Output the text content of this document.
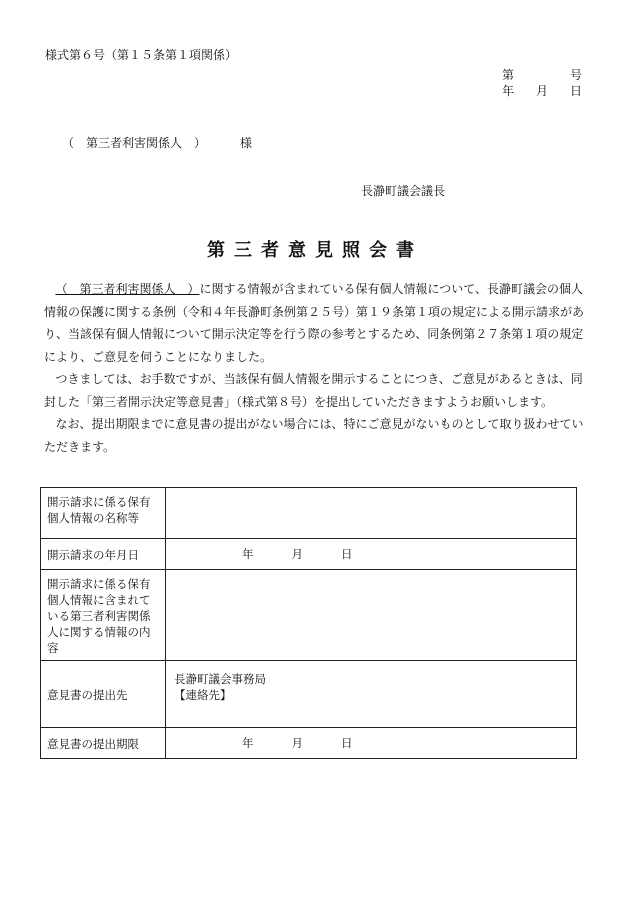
様式第６号（第１５条第１項関係）
第	号
年 月 日
（　第三者利害関係人　）	様
長瀞町議会議長
第三者意見照会書

（　第三者利害関係人　）に関する情報が含まれている保有個人情報について、長瀞町議会の個人情報の保護に関する条例（令和４年長瀞町条例第２５号）第１９条第１項の規定による開示請求があり、当該保有個人情報について開示決定等を行う際の参考とするため、同条例第２７条第１項の規定により、ご意見を伺うことになりました。

つきましては、お手数ですが、当該保有個人情報を開示することにつき、ご意見があるときは、同封した「第三者開示決定等意見書」（様式第８号）を提出していただきますようお願いします。

なお、提出期限までに意見書の提出がない場合には、特にご意見がないものとして取り扱わせていただきます。

開示請求に係る保有個人情報の名称等	
開示請求の年月日	年 月 日
開示請求に係る保有個人情報に含まれている第三者利害関係人に関する情報の内容	
意見書の提出先	長瀞町議会事務局
【連絡先】

意見書の提出期限	年 月 日
